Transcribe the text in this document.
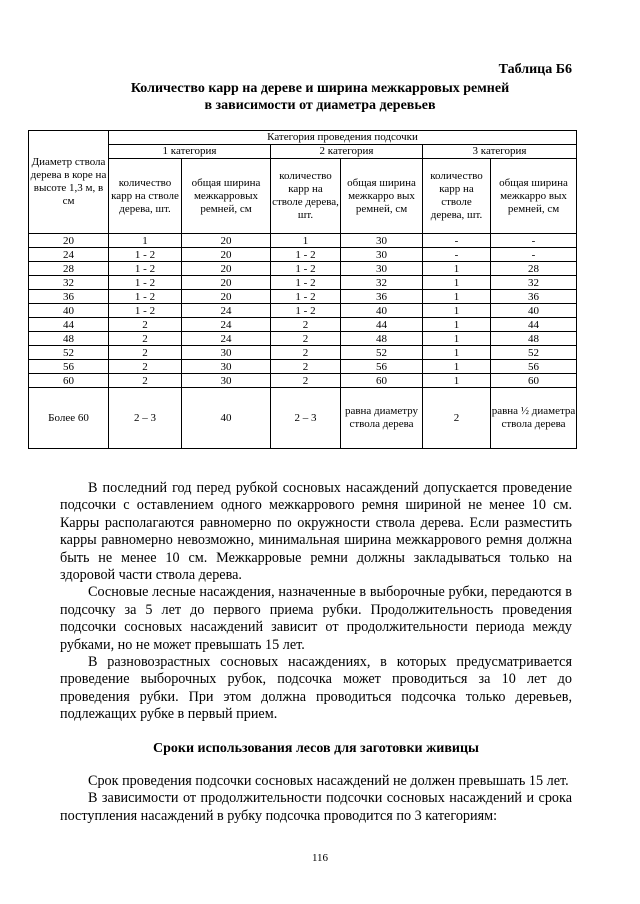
Таблица Б6
Количество карр на дереве и ширина межкарровых ремней
в зависимости от диаметра деревьев
Диаметр ствола дерева в коре на высоте 1,3 м, в см	Категория проведения подсочки					
	1 категория		2 категория		3 категория	
	количество карр на стволе дерева, шт.	общая ширина межкарровых ремней, см	количество карр на стволе дерева, шт.	общая ширина межкарро вых ремней, см	количество карр на стволе дерева, шт.	общая ширина межкарро вых ремней, см
20	1	20	1	30	-	-
24	1 - 2	20	1 - 2	30	-	-
28	1 - 2	20	1 - 2	30	1	28
32	1 - 2	20	1 - 2	32	1	32
36	1 - 2	20	1 - 2	36	1	36
40	1 - 2	24	1 - 2	40	1	40
44	2	24	2	44	1	44
48	2	24	2	48	1	48
52	2	30	2	52	1	52
56	2	30	2	56	1	56
60	2	30	2	60	1	60
Более 60	2 – 3	40	2 – 3	равна диаметру ствола дерева	2	равна ½ диаметра ствола дерева

В последний год перед рубкой сосновых насаждений допускается проведение подсочки с оставлением одного межкаррового ремня шириной не менее 10 см. Карры располагаются равномерно по окружности ствола дерева. Если разместить карры равномерно невозможно, минимальная ширина межкаррового ремня должна быть не менее 10 см. Межкарровые ремни должны закладываться только на здоровой части ствола дерева.

Сосновые лесные насаждения, назначенные в выборочные рубки, передаются в подсочку за 5 лет до первого приема рубки. Продолжительность проведения подсочки сосновых насаждений зависит от продолжительности периода между рубками, но не может превышать 15 лет.

В разновозрастных сосновых насаждениях, в которых предусматривается проведение выборочных рубок, подсочка может проводиться за 10 лет до проведения рубки. При этом должна проводиться подсочка только деревьев, подлежащих рубке в первый прием.

Сроки использования лесов для заготовки живицы

Срок проведения подсочки сосновых насаждений не должен превышать 15 лет.

В зависимости от продолжительности подсочки сосновых насаждений и срока поступления насаждений в рубку подсочка проводится по 3 категориям:

116
